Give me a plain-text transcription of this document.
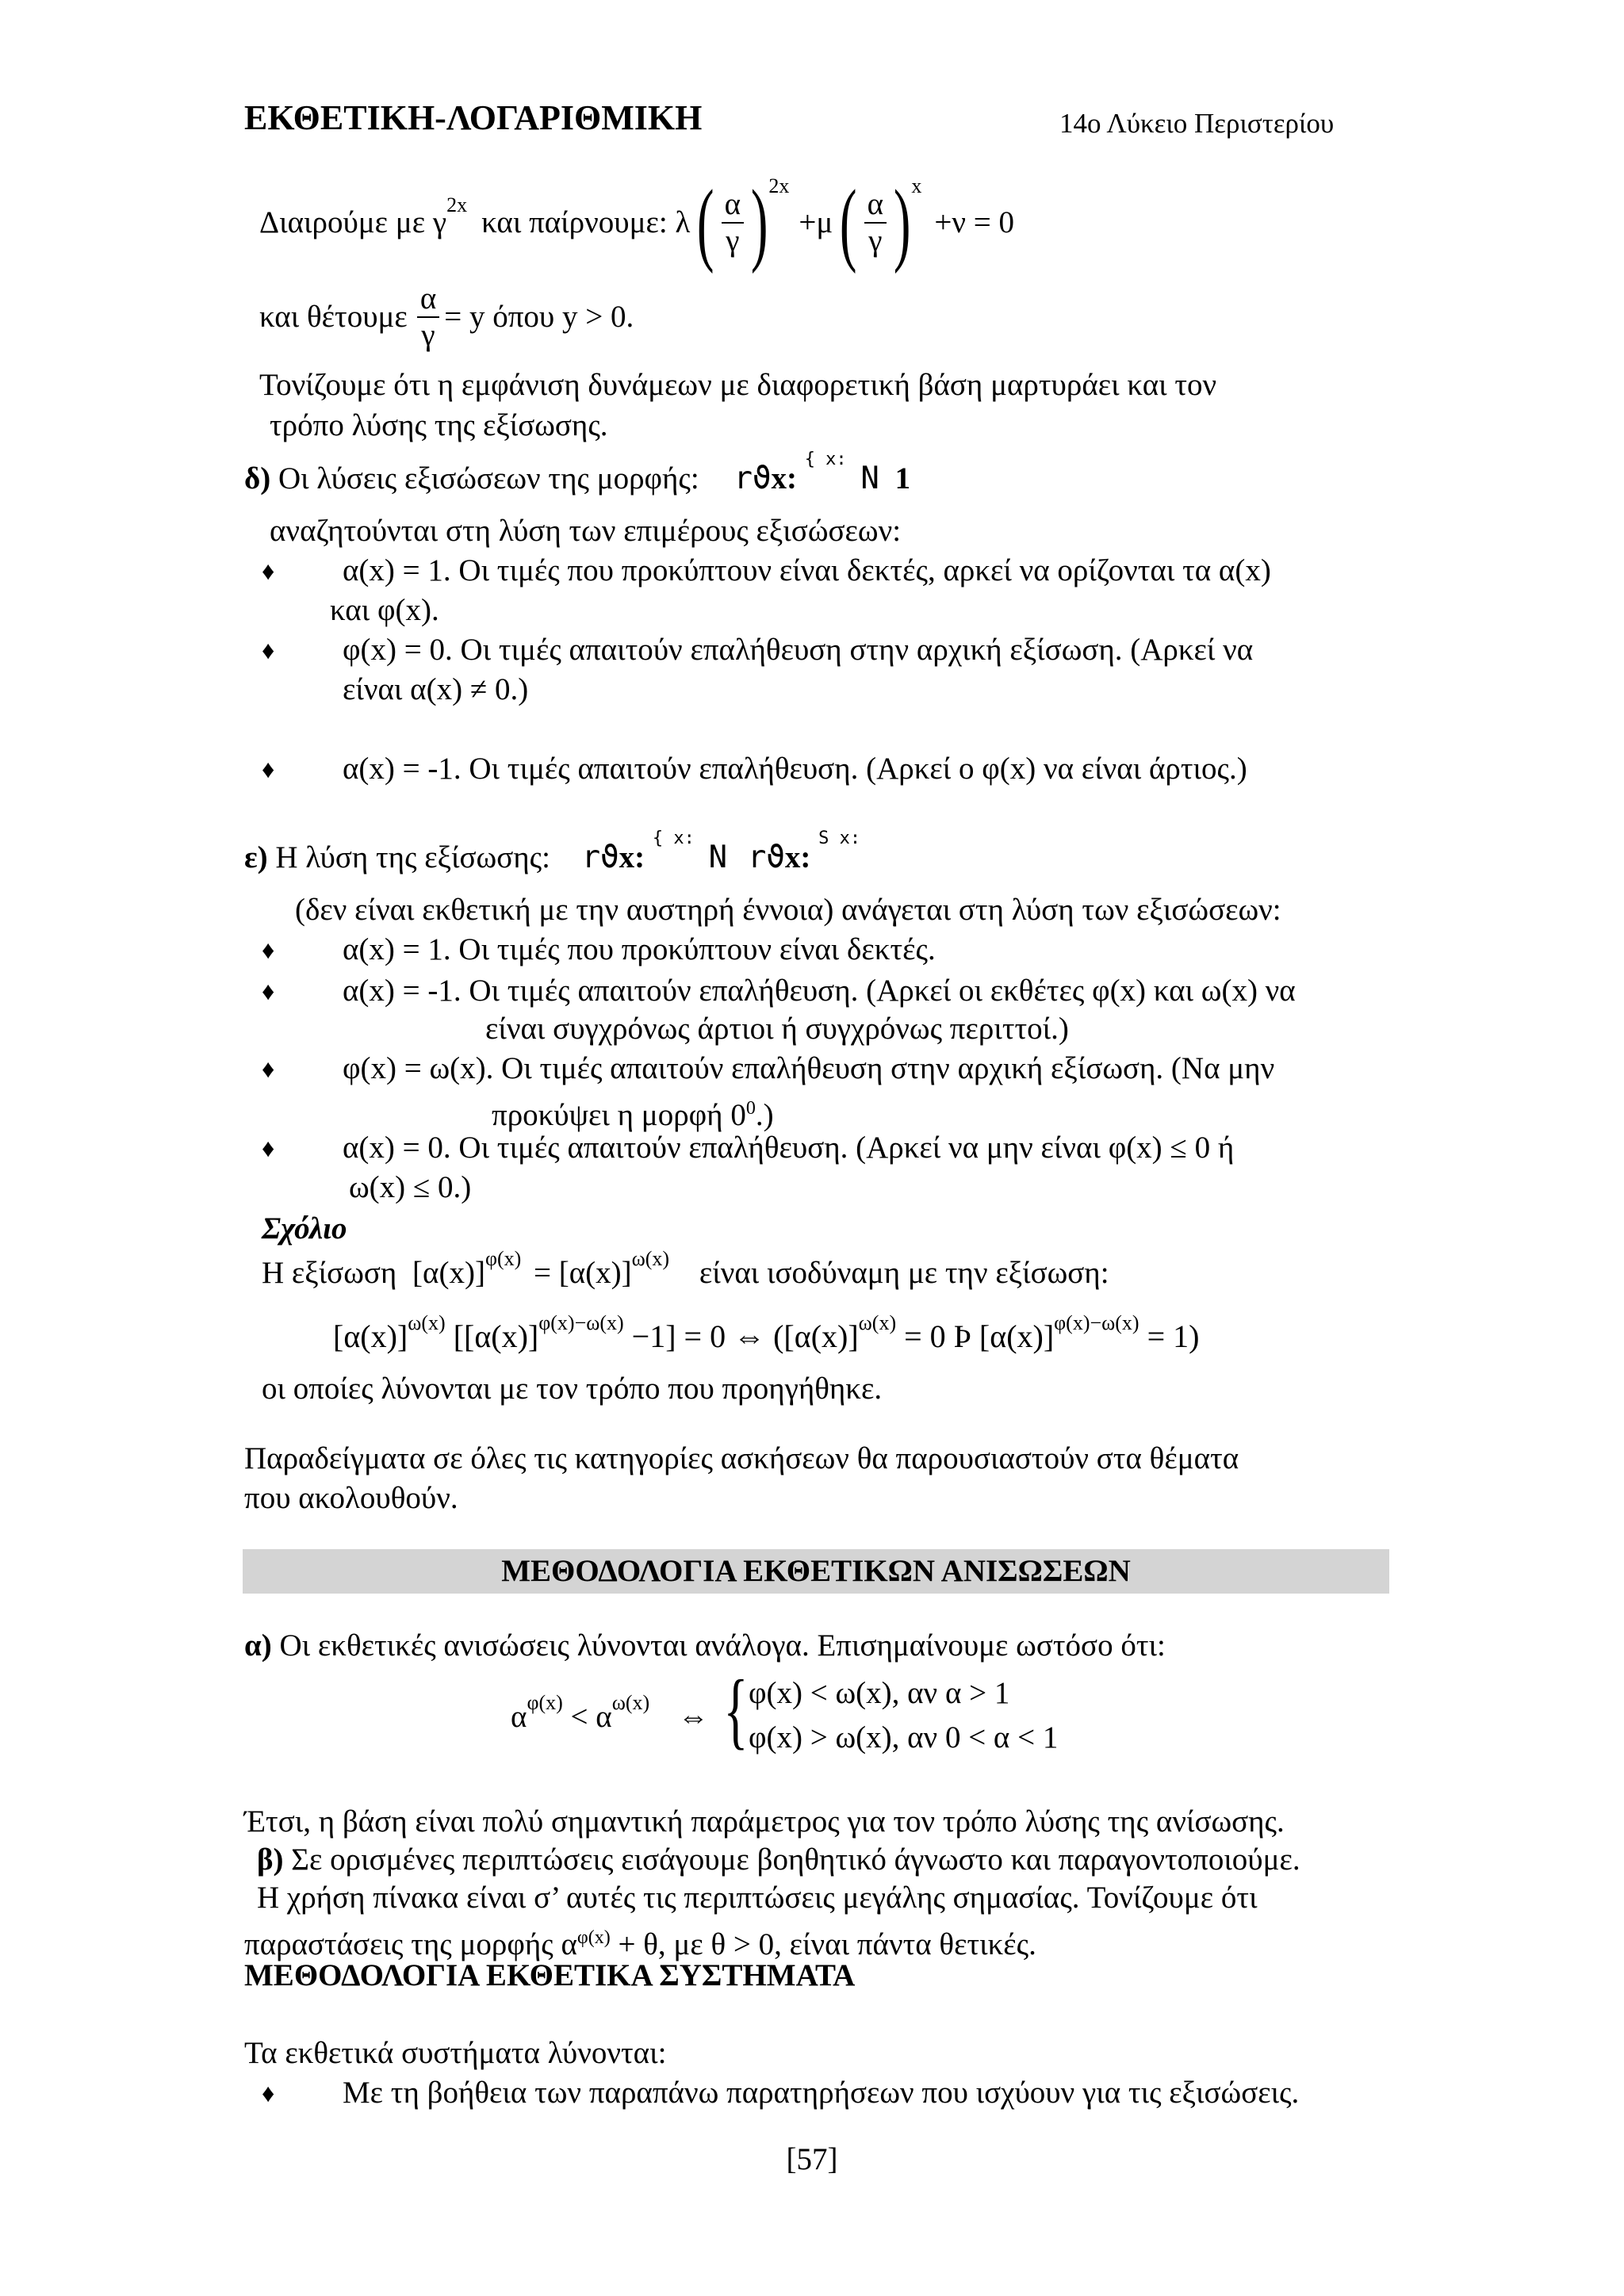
ΕΚΘΕΤΙΚΗ-ΛΟΓΑΡΙΘΜΙΚΗ	14ο Λύκειο Περιστερίου
Διαιρούμε με γ
2x
και παίρνουμε: λ ( $\frac{\alpha}{\gamma}$ ) 2x
+μ ( $\frac{\alpha}{\gamma}$ ) x
+ν = 0
και θέτουμε $\frac{\alpha}{\gamma} = y$ όπου y > 0.
Τονίζουμε ότι η εμφάνιση δυνάμεων με διαφορετική βάση μαρτυράει και τον
τρόπο λύσης της εξίσωσης.
δ) Οι λύσεις εξισώσεων της μορφής: rϑx: $^{\{ x:}$ N 1
αναζητούνται στη λύση των επιμέρους εξισώσεων:
♦ α(x) = 1. Οι τιμές που προκύπτουν είναι δεκτές, αρκεί να ορίζονται τα α(x)
και φ(x).
♦ φ(x) = 0. Οι τιμές απαιτούν επαλήθευση στην αρχική εξίσωση. (Αρκεί να
είναι α(x) ≠ 0.)
♦ α(x) = -1. Οι τιμές απαιτούν επαλήθευση. (Αρκεί ο φ(x) να είναι άρτιος.)
ε) Η λύση της εξίσωσης: rϑx: $^{\{ x:}$ N rϑx: $^{S x:}$
(δεν είναι εκθετική με την αυστηρή έννοια) ανάγεται στη λύση των εξισώσεων:
♦ α(x) = 1. Οι τιμές που προκύπτουν είναι δεκτές.
♦ α(x) = -1. Οι τιμές απαιτούν επαλήθευση. (Αρκεί οι εκθέτες φ(x) και ω(x) να
είναι συγχρόνως άρτιοι ή συγχρόνως περιττοί.)
♦ φ(x) = ω(x). Οι τιμές απαιτούν επαλήθευση στην αρχική εξίσωση. (Να μην
προκύψει η μορφή $0^0$.)
♦ α(x) = 0. Οι τιμές απαιτούν επαλήθευση. (Αρκεί να μην είναι φ(x) ≤ 0 ή
ω(x) ≤ 0.)
Σχόλιο
Η εξίσωση $[\alpha(x)]^{\varphi(x)} = [\alpha(x)]^{\omega(x)}$ είναι ισοδύναμη με την εξίσωση:
$[\alpha(x)]^{\omega(x)}$ $[[\alpha(x)]^{\varphi(x)-\omega(x)} -1] = 0$ ⇔ ($[\alpha(x)]^{\omega(x)} = 0$ Þ $[\alpha(x)]^{\varphi(x)-\omega(x)} = 1$)
οι οποίες λύνονται με τον τρόπο που προηγήθηκε.
Παραδείγματα σε όλες τις κατηγορίες ασκήσεων θα παρουσιαστούν στα θέματα
που ακολουθούν.
ΜΕΘΟΔΟΛΟΓΙΑ ΕΚΘΕΤΙΚΩΝ ΑΝΙΣΩΣΕΩΝ
α) Οι εκθετικές ανισώσεις λύνονται ανάλογα. Επισημαίνουμε ωστόσο ότι:
$\alpha^{\varphi(x)} < \alpha^{\omega(x)}$ ⇔ { φ(x) < ω(x), αν α > 1
φ(x) > ω(x), αν 0 < α < 1
Έτσι, η βάση είναι πολύ σημαντική παράμετρος για τον τρόπο λύσης της ανίσωσης.
β) Σε ορισμένες περιπτώσεις εισάγουμε βοηθητικό άγνωστο και παραγοντοποιούμε.
Η χρήση πίνακα είναι σ’ αυτές τις περιπτώσεις μεγάλης σημασίας. Τονίζουμε ότι
παραστάσεις της μορφής $\alpha^{\varphi(x)} + \theta$, με θ > 0, είναι πάντα θετικές.
ΜΕΘΟΔΟΛΟΓΙΑ ΕΚΘΕΤΙΚΑ ΣΥΣΤΗΜΑΤΑ
Τα εκθετικά συστήματα λύνονται:
♦ Με τη βοήθεια των παραπάνω παρατηρήσεων που ισχύουν για τις εξισώσεις.
[57]
